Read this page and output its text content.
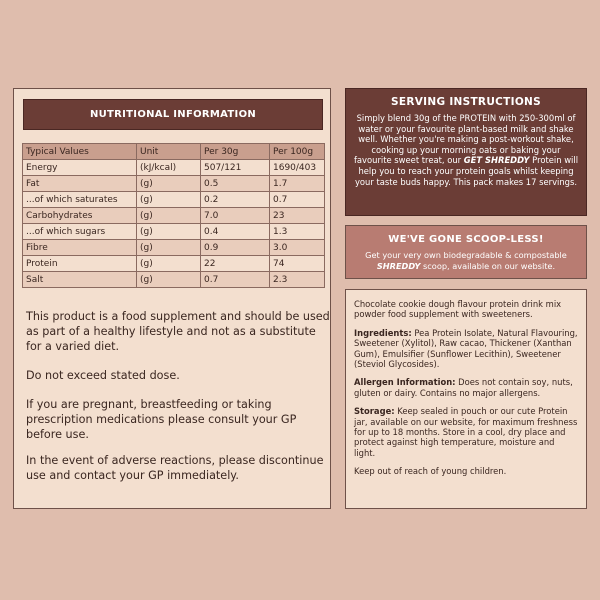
NUTRITIONAL INFORMATION
Typical Values	Unit	Per 30g	Per 100g
Energy	(kJ/kcal)	507/121	1690/403
Fat	(g)	0.5	1.7
...of which saturates	(g)	0.2	0.7
Carbohydrates	(g)	7.0	23
...of which sugars	(g)	0.4	1.3
Fibre	(g)	0.9	3.0
Protein	(g)	22	74
Salt	(g)	0.7	2.3

This product is a food supplement and should be used as part of a healthy lifestyle and not as a substitute for a varied diet.

Do not exceed stated dose.

If you are pregnant, breastfeeding or taking prescription medications please consult your GP before use.

In the event of adverse reactions, please discontinue use and contact your GP immediately.

SERVING INSTRUCTIONS
Simply blend 30g of the PROTEIN with 250-300ml of water or your favourite plant-based milk and shake well. Whether you're making a post-workout shake, cooking up your morning oats or baking your favourite sweet treat, our GET SHREDDY Protein will help you to reach your protein goals whilst keeping your taste buds happy. This pack makes 17 servings.
WE'VE GONE SCOOP-LESS!
Get your very own biodegradable & compostable SHREDDY scoop, available on our website.

Chocolate cookie dough flavour protein drink mix powder food supplement with sweeteners.

Ingredients: Pea Protein Isolate, Natural Flavouring, Sweetener (Xylitol), Raw cacao, Thickener (Xanthan Gum), Emulsifier (Sunflower Lecithin), Sweetener (Steviol Glycosides).

Allergen Information: Does not contain soy, nuts, gluten or dairy. Contains no major allergens.

Storage: Keep sealed in pouch or our cute Protein jar, available on our website, for maximum freshness for up to 18 months. Store in a cool, dry place and protect against high temperature, moisture and light.

Keep out of reach of young children.
